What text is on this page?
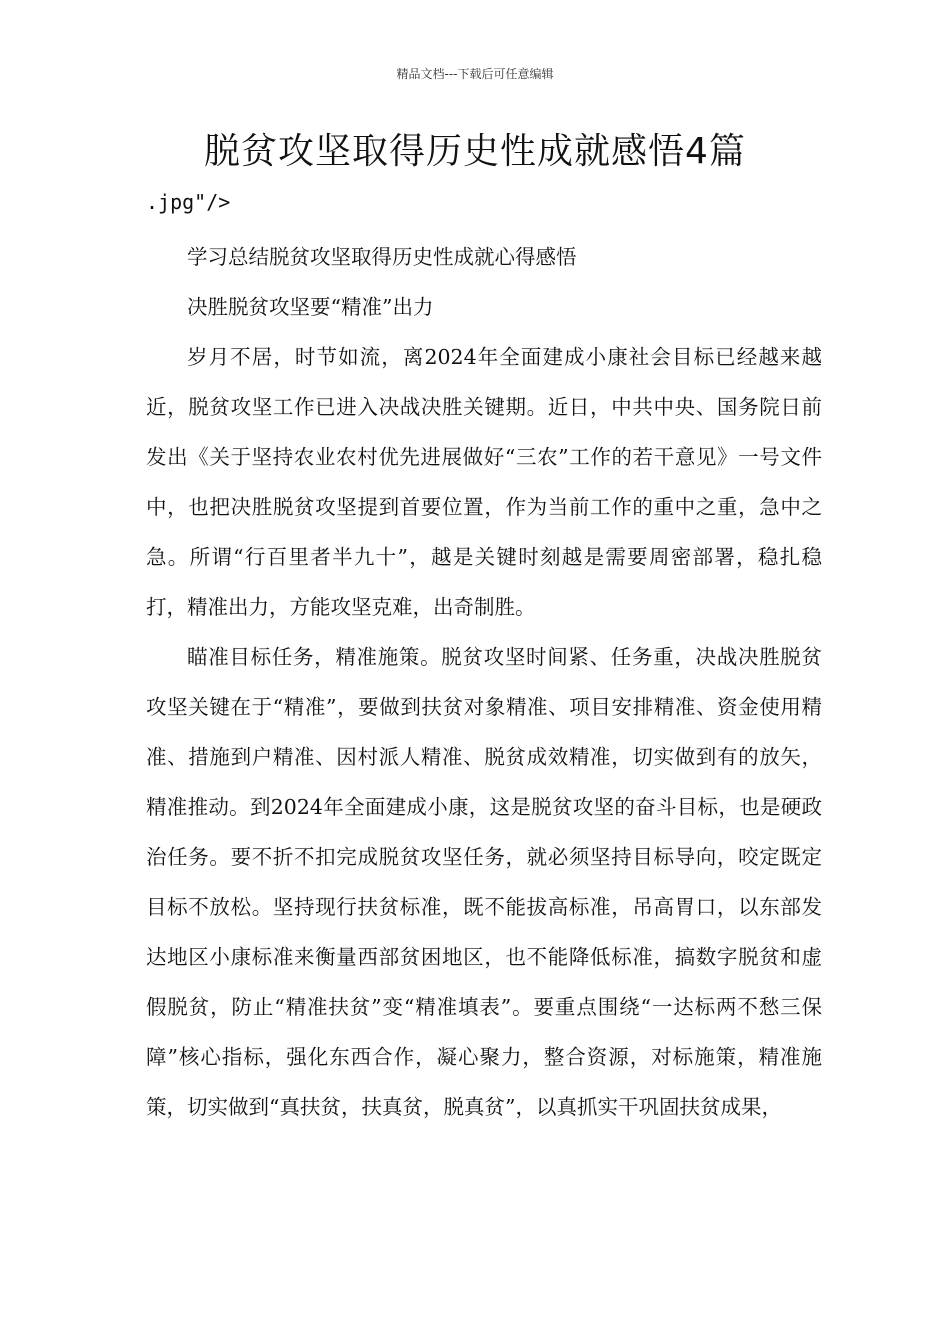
精品文档---下载后可任意编辑
脱贫攻坚取得历史性成就感悟4篇
.jpg"/>

学习总结脱贫攻坚取得历史性成就心得感悟

决胜脱贫攻坚要“精准”出力

岁月不居，时节如流，离2024年全面建成小康社会目标已经越来越近，脱贫攻坚工作已进入决战决胜关键期。近日，中共中央、国务院日前发出《关于坚持农业农村优先进展做好“三农”工作的若干意见》一号文件中，也把决胜脱贫攻坚提到首要位置，作为当前工作的重中之重，急中之急。所谓“行百里者半九十”，越是关键时刻越是需要周密部署，稳扎稳打，精准出力，方能攻坚克难，出奇制胜。

瞄准目标任务，精准施策。脱贫攻坚时间紧、任务重，决战决胜脱贫攻坚关键在于“精准”，要做到扶贫对象精准、项目安排精准、资金使用精准、措施到户精准、因村派人精准、脱贫成效精准，切实做到有的放矢，精准推动。到2024年全面建成小康，这是脱贫攻坚的奋斗目标，也是硬政治任务。要不折不扣完成脱贫攻坚任务，就必须坚持目标导向，咬定既定目标不放松。坚持现行扶贫标准，既不能拔高标准，吊高胃口，以东部发达地区小康标准来衡量西部贫困地区，也不能降低标准，搞数字脱贫和虚假脱贫，防止“精准扶贫”变“精准填表”。要重点围绕“一达标两不愁三保障”核心指标，强化东西合作，凝心聚力，整合资源，对标施策，精准施策，切实做到“真扶贫，扶真贫，脱真贫”，以真抓实干巩固扶贫成果，
